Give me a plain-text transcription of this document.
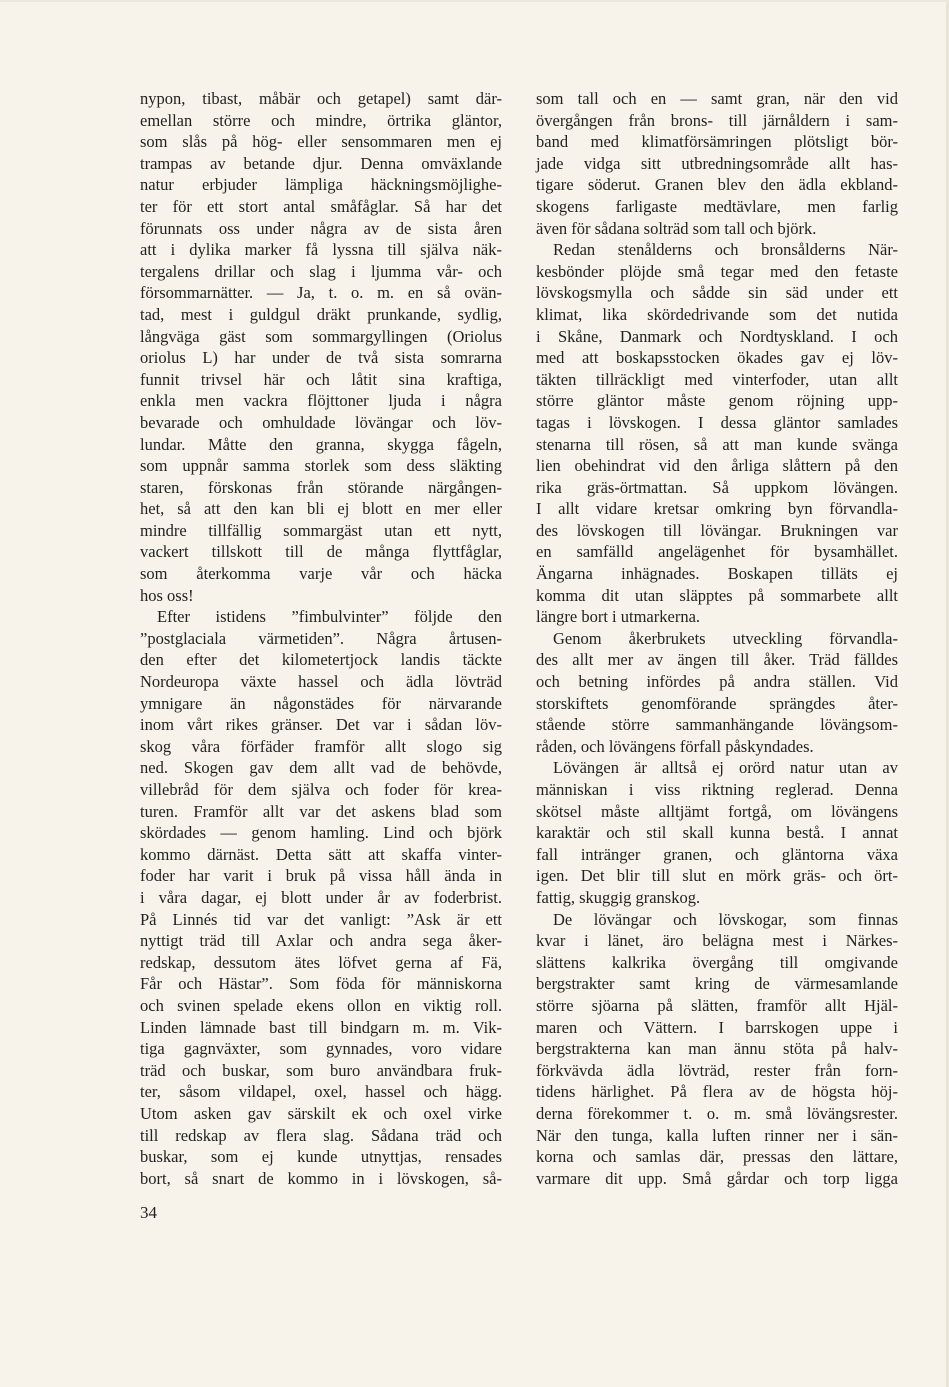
nypon, tibast, måbär och getapel) samt där-
emellan större och mindre, örtrika gläntor,
som slås på hög- eller sensommaren men ej
trampas av betande djur. Denna omväxlande
natur erbjuder lämpliga häckningsmöjlighe-
ter för ett stort antal småfåglar. Så har det
förunnats oss under några av de sista åren
att i dylika marker få lyssna till själva näk-
tergalens drillar och slag i ljumma vår- och
försommarnätter. — Ja, t. o. m. en så ovän-
tad, mest i guldgul dräkt prunkande, sydlig,
långväga gäst som sommargyllingen (Oriolus
oriolus L) har under de två sista somrarna
funnit trivsel här och låtit sina kraftiga,
enkla men vackra flöjttoner ljuda i några
bevarade och omhuldade lövängar och löv-
lundar. Måtte den granna, skygga fågeln,
som uppnår samma storlek som dess släkting
staren, förskonas från störande närgången-
het, så att den kan bli ej blott en mer eller
mindre tillfällig sommargäst utan ett nytt,
vackert tillskott till de många flyttfåglar,
som återkomma varje vår och häcka
hos oss!
Efter istidens ”fimbulvinter” följde den
”postglaciala värmetiden”. Några årtusen-
den efter det kilometertjock landis täckte
Nordeuropa växte hassel och ädla lövträd
ymnigare än någonstädes för närvarande
inom vårt rikes gränser. Det var i sådan löv-
skog våra förfäder framför allt slogo sig
ned. Skogen gav dem allt vad de behövde,
villebråd för dem själva och foder för krea-
turen. Framför allt var det askens blad som
skördades — genom hamling. Lind och björk
kommo därnäst. Detta sätt att skaffa vinter-
foder har varit i bruk på vissa håll ända in
i våra dagar, ej blott under år av foderbrist.
På Linnés tid var det vanligt: ”Ask är ett
nyttigt träd till Axlar och andra sega åker-
redskap, dessutom ätes löfvet gerna af Fä,
Får och Hästar”. Som föda för människorna
och svinen spelade ekens ollon en viktig roll.
Linden lämnade bast till bindgarn m. m. Vik-
tiga gagnväxter, som gynnades, voro vidare
träd och buskar, som buro användbara fruk-
ter, såsom vildapel, oxel, hassel och hägg.
Utom asken gav särskilt ek och oxel virke
till redskap av flera slag. Sådana träd och
buskar, som ej kunde utnyttjas, rensades
bort, så snart de kommo in i lövskogen, så-
som tall och en — samt gran, när den vid
övergången från brons- till järnåldern i sam-
band med klimatförsämringen plötsligt bör-
jade vidga sitt utbredningsområde allt has-
tigare söderut. Granen blev den ädla ekbland-
skogens farligaste medtävlare, men farlig
även för sådana solträd som tall och björk.
Redan stenålderns och bronsålderns När-
kesbönder plöjde små tegar med den fetaste
lövskogsmylla och sådde sin säd under ett
klimat, lika skördedrivande som det nutida
i Skåne, Danmark och Nordtyskland. I och
med att boskapsstocken ökades gav ej löv-
täkten tillräckligt med vinterfoder, utan allt
större gläntor måste genom röjning upp-
tagas i lövskogen. I dessa gläntor samlades
stenarna till rösen, så att man kunde svänga
lien obehindrat vid den årliga slåttern på den
rika gräs-örtmattan. Så uppkom lövängen.
I allt vidare kretsar omkring byn förvandla-
des lövskogen till lövängar. Brukningen var
en samfälld angelägenhet för bysamhället.
Ängarna inhägnades. Boskapen tilläts ej
komma dit utan släpptes på sommarbete allt
längre bort i utmarkerna.
Genom åkerbrukets utveckling förvandla-
des allt mer av ängen till åker. Träd fälldes
och betning infördes på andra ställen. Vid
storskiftets genomförande sprängdes åter-
stående större sammanhängande lövängsom-
råden, och lövängens förfall påskyndades.
Lövängen är alltså ej orörd natur utan av
människan i viss riktning reglerad. Denna
skötsel måste alltjämt fortgå, om lövängens
karaktär och stil skall kunna bestå. I annat
fall intränger granen, och gläntorna växa
igen. Det blir till slut en mörk gräs- och ört-
fattig, skuggig granskog.
De lövängar och lövskogar, som finnas
kvar i länet, äro belägna mest i Närkes-
slättens kalkrika övergång till omgivande
bergstrakter samt kring de värmesamlande
större sjöarna på slätten, framför allt Hjäl-
maren och Vättern. I barrskogen uppe i
bergstrakterna kan man ännu stöta på halv-
förkvävda ädla lövträd, rester från forn-
tidens härlighet. På flera av de högsta höj-
derna förekommer t. o. m. små lövängsrester.
När den tunga, kalla luften rinner ner i sän-
korna och samlas där, pressas den lättare,
varmare dit upp. Små gårdar och torp ligga
34
